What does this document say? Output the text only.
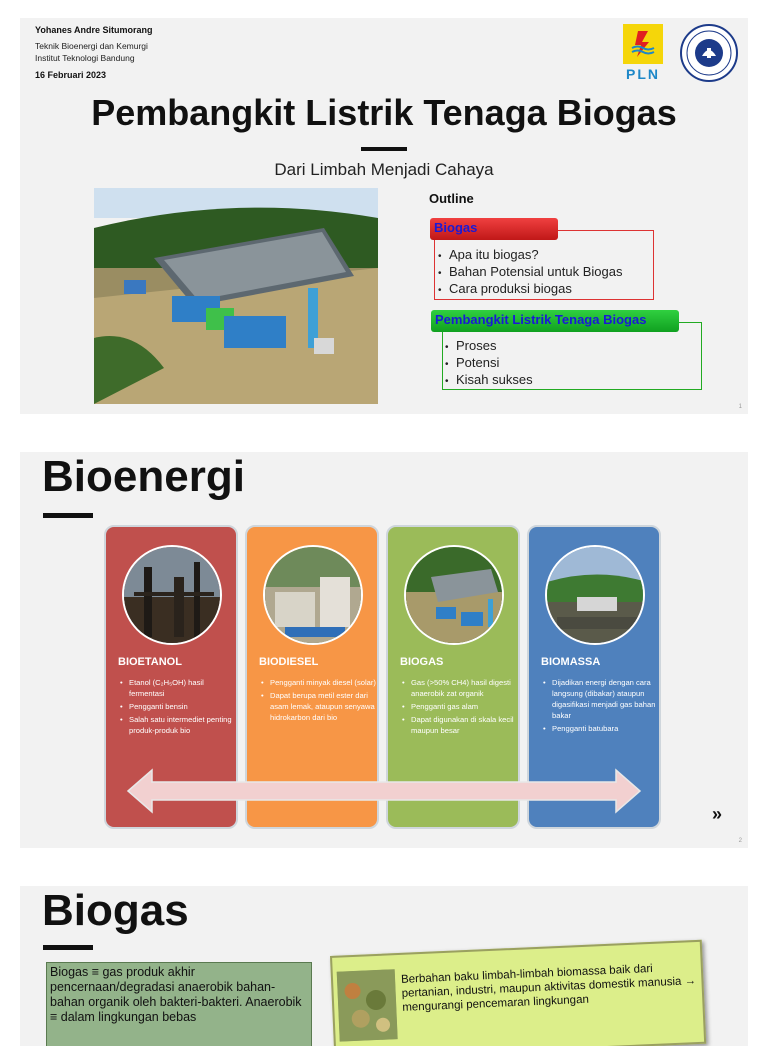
Yohanes Andre Situmorang
Teknik Bioenergi dan Kemurgi
Institut Teknologi Bandung
16 Februari 2023	PLN
Pembangkit Listrik Tenaga Biogas
Dari Limbah Menjadi Cahaya
Outline
Biogas
• Apa itu biogas?
• Bahan Potensial untuk Biogas
• Cara produksi biogas
Pembangkit Listrik Tenaga Biogas
• Proses
• Potensi
• Kisah sukses
1
Bioenergi
BIOETANOL
• Etanol (C₂H₅OH) hasil fermentasi
• Pengganti bensin
• Salah satu intermediet penting produk-produk bio
BIODIESEL
• Pengganti minyak diesel (solar)
• Dapat berupa metil ester dari asam lemak, ataupun senyawa hidrokarbon dari bio
BIOGAS
• Gas (>50% CH4) hasil digesti anaerobik zat organik
• Pengganti gas alam
• Dapat digunakan di skala kecil maupun besar
BIOMASSA
• Dijadikan energi dengan cara langsung (dibakar) ataupun digasifikasi menjadi gas bahan bakar
• Pengganti batubara
»
2
Biogas
Biogas ≡ gas produk akhir pencernaan/degradasi anaerobik bahan-bahan organik oleh bakteri-bakteri. Anaerobik ≡ dalam lingkungan bebas
Berbahan baku limbah-limbah biomassa baik dari pertanian, industri, maupun aktivitas domestik manusia → mengurangi pencemaran lingkungan
